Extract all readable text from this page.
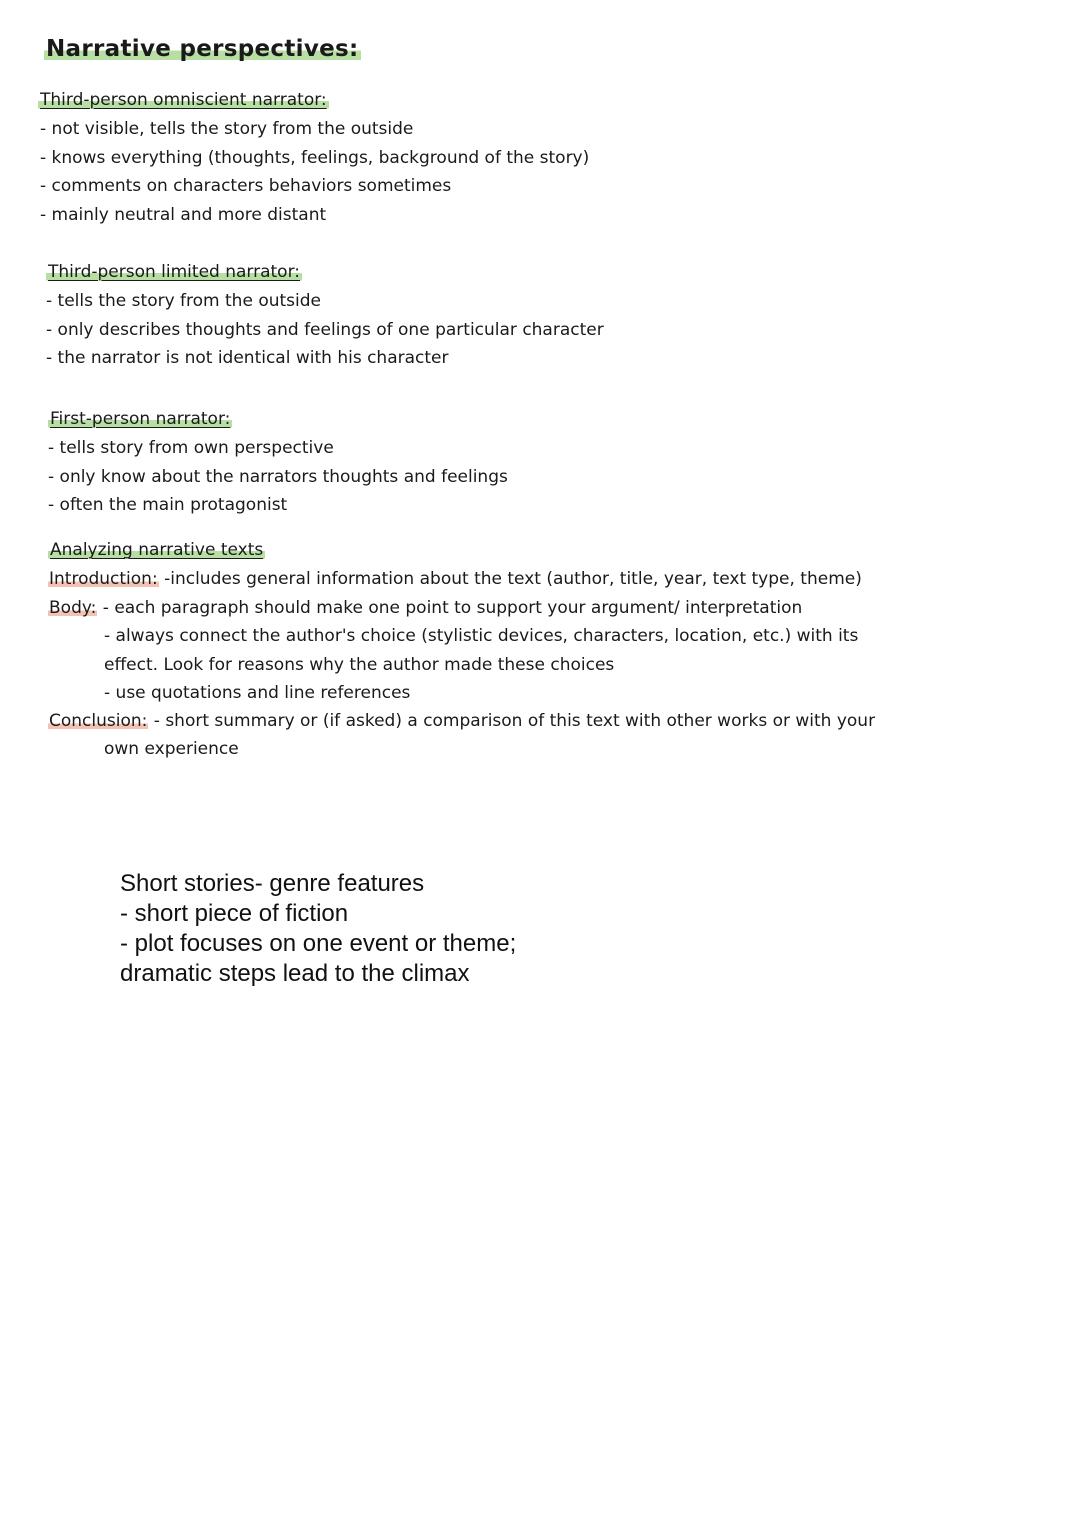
Narrative perspectives:
Third-person omniscient narrator:
- not visible, tells the story from the outside
- knows everything (thoughts, feelings, background of the story)
- comments on characters behaviors sometimes
- mainly neutral and more distant
Third-person limited narrator:
- tells the story from the outside
- only describes thoughts and feelings of one particular character
- the narrator is not identical with his character
First-person narrator:
- tells story from own perspective
- only know about the narrators thoughts and feelings
- often the main protagonist
Analyzing narrative texts
Introduction: -includes general information about the text (author, title, year, text type, theme)
Body: - each paragraph should make one point to support your argument/ interpretation
- always connect the author's choice (stylistic devices, characters, location, etc.) with its
effect. Look for reasons why the author made these choices
- use quotations and line references
Conclusion: - short summary or (if asked) a comparison of this text with other works or with your
own experience
Short stories- genre features
- short piece of fiction
- plot focuses on one event or theme;
dramatic steps lead to the climax
